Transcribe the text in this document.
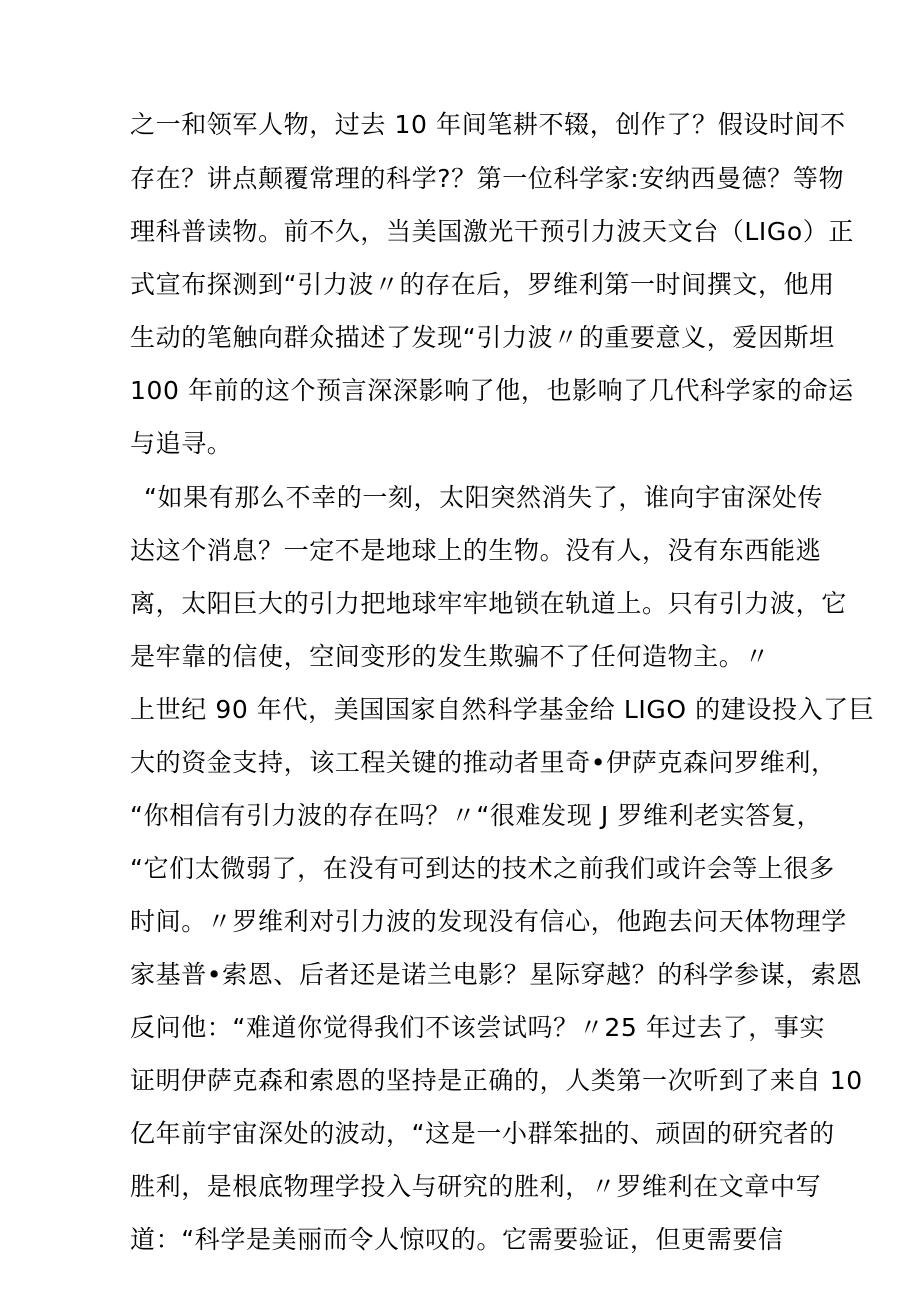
之一和领军人物，过去 10 年间笔耕不辍，创作了？假设时间不
存在？讲点颠覆常理的科学?？第一位科学家:安纳西曼德？等物
理科普读物。前不久，当美国激光干预引力波天文台（LIGo）正
式宣布探测到“引力波〃的存在后，罗维利第一时间撰文，他用
生动的笔触向群众描述了发现“引力波〃的重要意义，爱因斯坦
100 年前的这个预言深深影响了他，也影响了几代科学家的命运
与追寻。
“如果有那么不幸的一刻，太阳突然消失了，谁向宇宙深处传
达这个消息？一定不是地球上的生物。没有人，没有东西能逃
离，太阳巨大的引力把地球牢牢地锁在轨道上。只有引力波，它
是牢靠的信使，空间变形的发生欺骗不了任何造物主。〃
上世纪 90 年代，美国国家自然科学基金给 LIGO 的建设投入了巨
大的资金支持，该工程关键的推动者里奇•伊萨克森问罗维利，
“你相信有引力波的存在吗？〃“很难发现 J 罗维利老实答复，
“它们太微弱了，在没有可到达的技术之前我们或许会等上很多
时间。〃罗维利对引力波的发现没有信心，他跑去问天体物理学
家基普•索恩、后者还是诺兰电影？星际穿越？的科学参谋，索恩
反问他：“难道你觉得我们不该尝试吗？〃25 年过去了，事实
证明伊萨克森和索恩的坚持是正确的，人类第一次听到了来自 10
亿年前宇宙深处的波动，“这是一小群笨拙的、顽固的研究者的
胜利，是根底物理学投入与研究的胜利，〃罗维利在文章中写
道：“科学是美丽而令人惊叹的。它需要验证，但更需要信
